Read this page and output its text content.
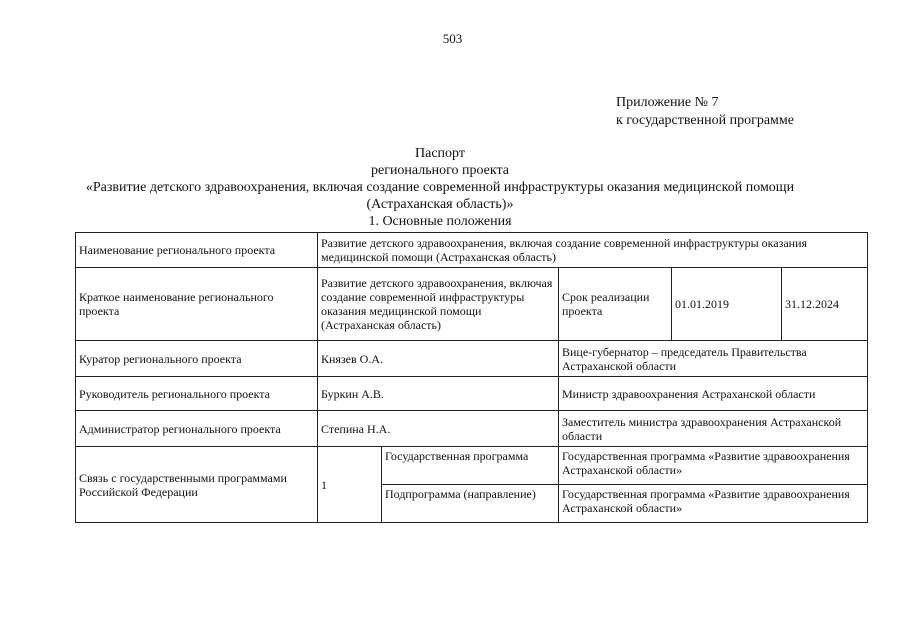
503
Приложение № 7
к государственной программе
Паспорт
регионального проекта
«Развитие детского здравоохранения, включая создание современной инфраструктуры оказания медицинской помощи
(Астраханская область)»
1. Основные положения
Наименование регионального проекта	Развитие детского здравоохранения, включая создание современной инфраструктуры оказания медицинской помощи (Астраханская область)				
Краткое наименование регионального проекта	Развитие детского здравоохранения, включая создание современной инфраструктуры оказания медицинской помощи (Астраханская область)		Срок реализации проекта	01.01.2019	31.12.2024
Куратор регионального проекта	Князев О.А.		Вице-губернатор – председатель Правительства Астраханской области		
Руководитель регионального проекта	Буркин А.В.		Министр здравоохранения Астраханской области		
Администратор регионального проекта	Степина Н.А.		Заместитель министра здравоохранения Астраханской области		
Связь с государственными программами Российской Федерации	1	Государственная программа	Государственная программа «Развитие здравоохранения Астраханской области»		
		Подпрограмма (направление)	Государственная программа «Развитие здравоохранения Астраханской области»		
